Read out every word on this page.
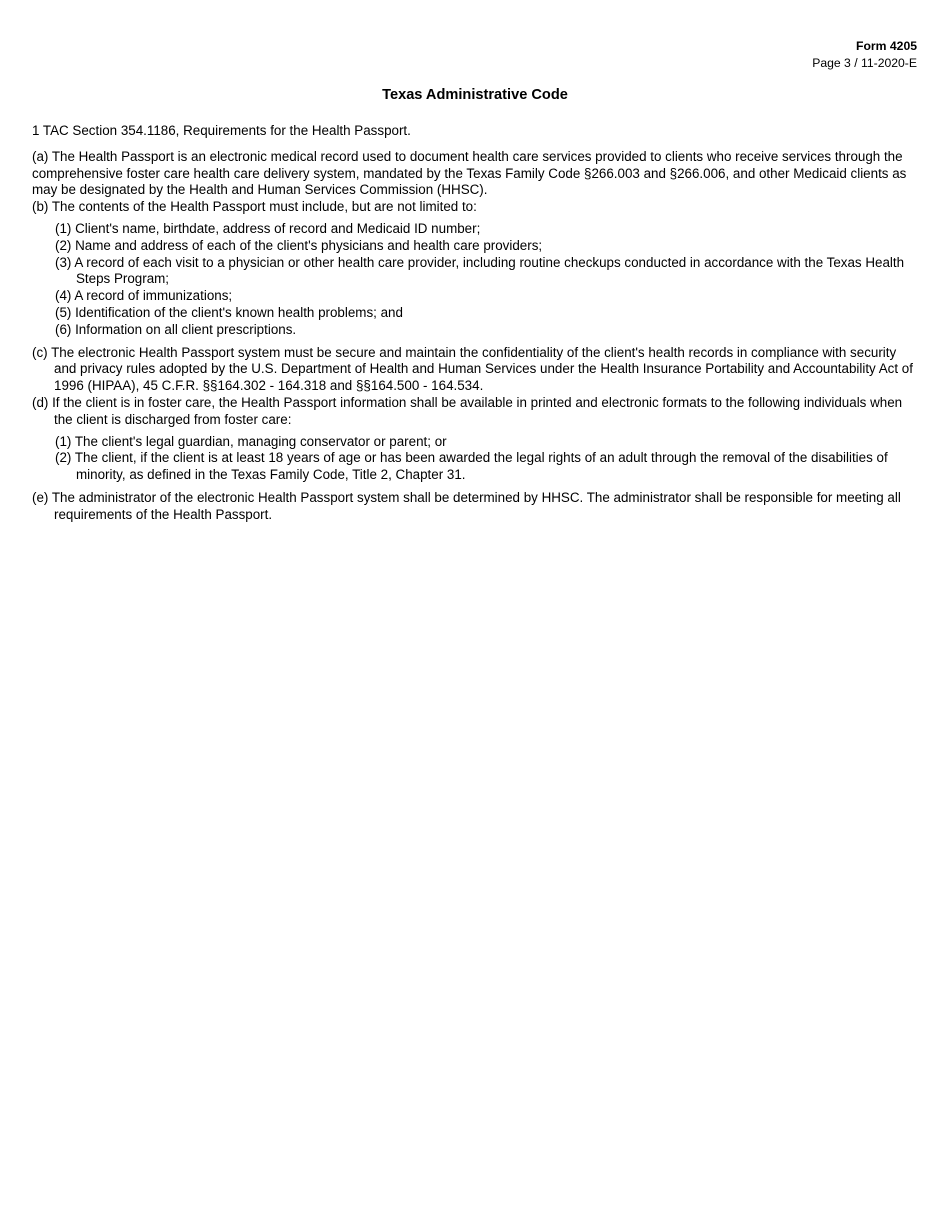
Form 4205
Page 3 / 11-2020-E
Texas Administrative Code

1 TAC Section 354.1186, Requirements for the Health Passport.

(a) The Health Passport is an electronic medical record used to document health care services provided to clients who receive services through the comprehensive foster care health care delivery system, mandated by the Texas Family Code §266.003 and §266.006, and other Medicaid clients as may be designated by the Health and Human Services Commission (HHSC).

(b) The contents of the Health Passport must include, but are not limited to:

(1) Client's name, birthdate, address of record and Medicaid ID number;
(2) Name and address of each of the client's physicians and health care providers;
(3) A record of each visit to a physician or other health care provider, including routine checkups conducted in accordance with the Texas Health Steps Program;
(4) A record of immunizations;
(5) Identification of the client's known health problems; and
(6) Information on all client prescriptions.

(c) The electronic Health Passport system must be secure and maintain the confidentiality of the client's health records in compliance with security and privacy rules adopted by the U.S. Department of Health and Human Services under the Health Insurance Portability and Accountability Act of 1996 (HIPAA), 45 C.F.R. §§164.302 - 164.318 and §§164.500 - 164.534.

(d) If the client is in foster care, the Health Passport information shall be available in printed and electronic formats to the following individuals when the client is discharged from foster care:

(1) The client's legal guardian, managing conservator or parent; or
(2) The client, if the client is at least 18 years of age or has been awarded the legal rights of an adult through the removal of the disabilities of minority, as defined in the Texas Family Code, Title 2, Chapter 31.

(e) The administrator of the electronic Health Passport system shall be determined by HHSC. The administrator shall be responsible for meeting all requirements of the Health Passport.
